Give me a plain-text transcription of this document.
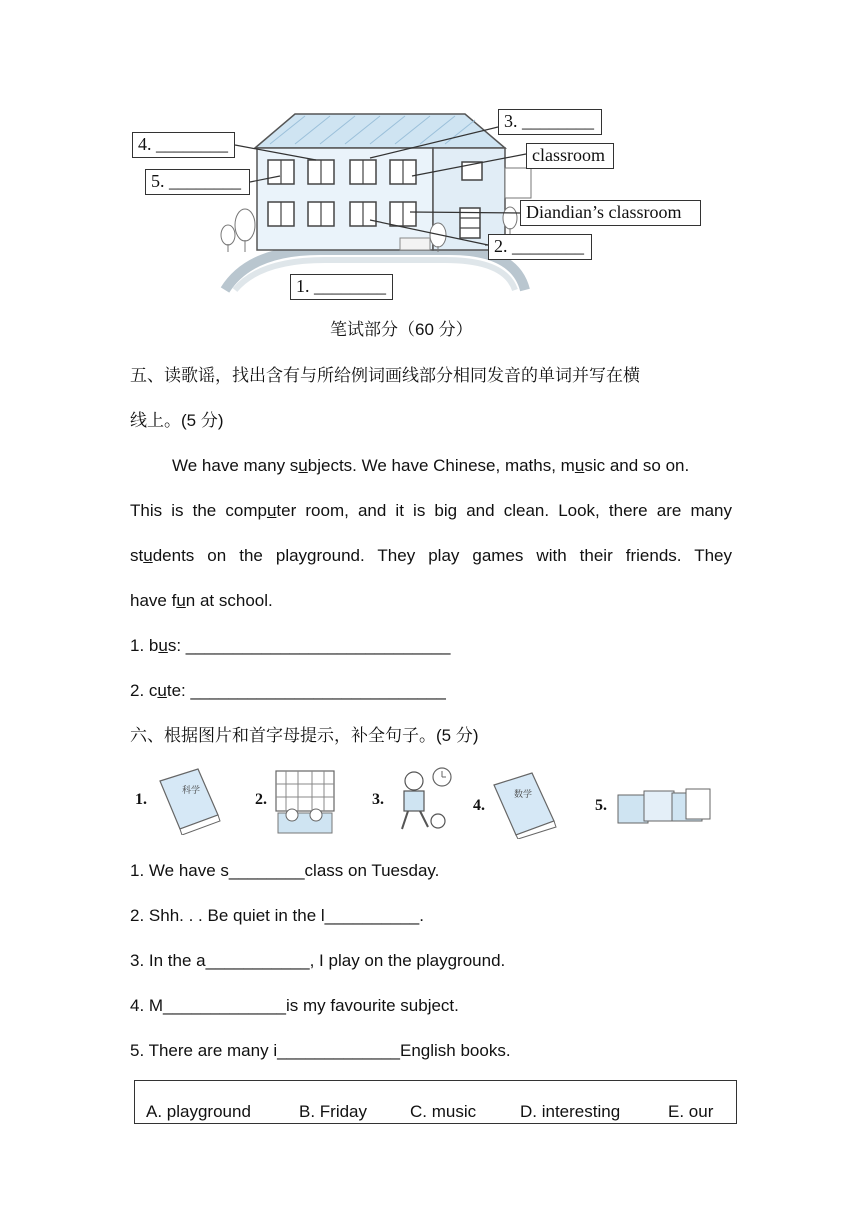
4. ________
5. ________
3. ________
classroom
Diandian’s classroom
2. ________
1. ________
笔试部分（60 分）
五、读歌谣，找出含有与所给例词画线部分相同发音的单词并写在横
线上。(5 分)
We have many subjects. We have Chinese, maths, music and so on.
This is the computer room, and it is big and clean. Look, there are many
students on the playground. They play games with their friends. They
have fun at school.
1. bus: ____________________________
2. cute: ___________________________
六、根据图片和首字母提示，补全句子。(5 分)
1.	科学	2.	3.	4.
数学
5.
1. We have s________class on Tuesday.
2. Shh. . . Be quiet in the l__________.
3. In the a___________, I play on the playground.
4. M_____________is my favourite subject.
5. There are many i_____________English books.
A. playground	B. Friday	C. music	D. interesting	E. our
